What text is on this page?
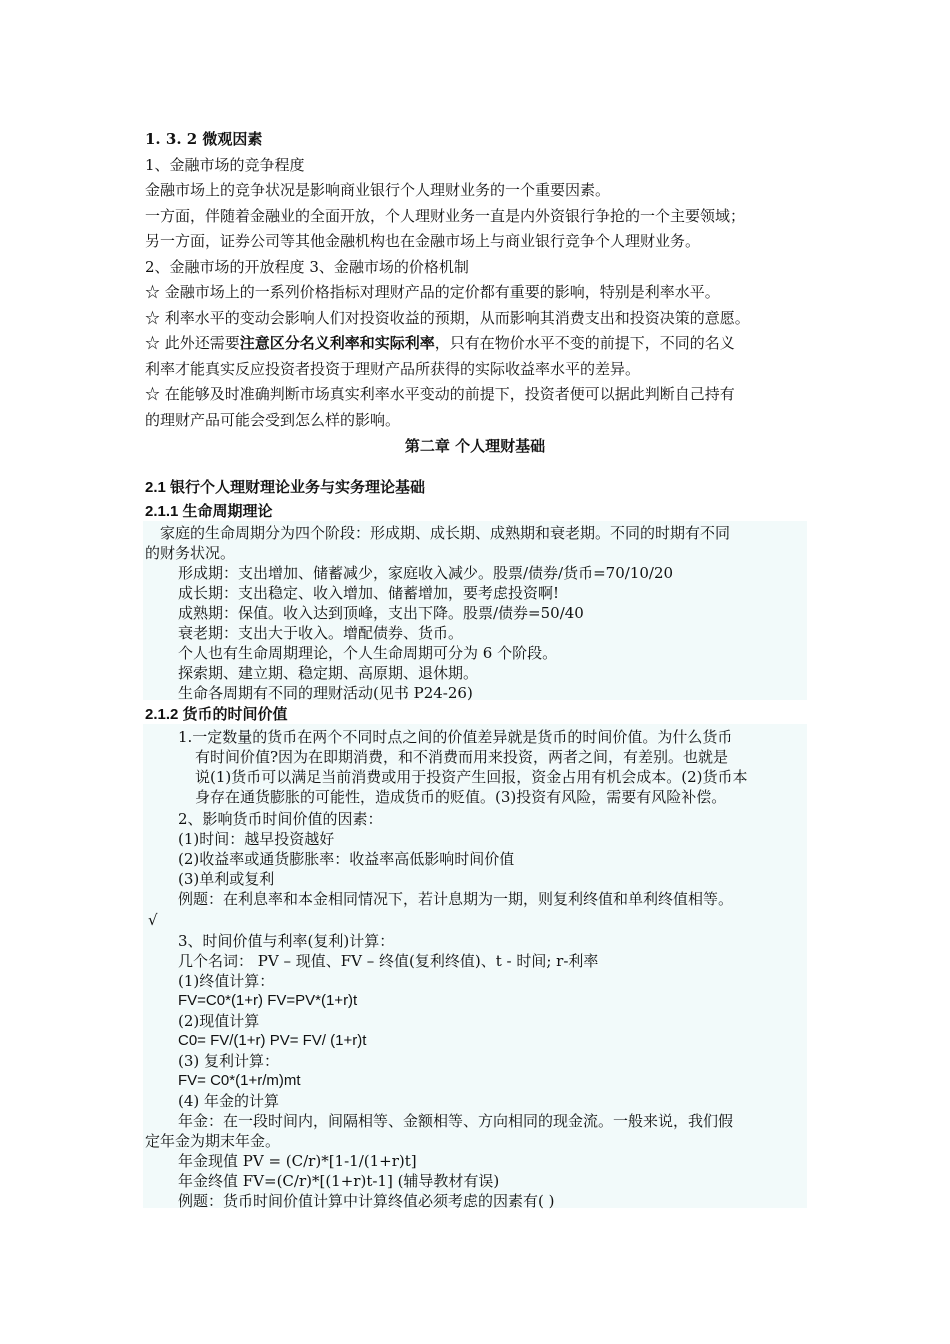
1. 3. 2 微观因素
1、金融市场的竞争程度
金融市场上的竞争状况是影响商业银行个人理财业务的一个重要因素。
一方面，伴随着金融业的全面开放，个人理财业务一直是内外资银行争抢的一个主要领域；
另一方面，证券公司等其他金融机构也在金融市场上与商业银行竞争个人理财业务。
2、金融市场的开放程度 3、金融市场的价格机制
☆ 金融市场上的一系列价格指标对理财产品的定价都有重要的影响，特别是利率水平。
☆ 利率水平的变动会影响人们对投资收益的预期，从而影响其消费支出和投资决策的意愿。
☆ 此外还需要注意区分名义利率和实际利率，只有在物价水平不变的前提下，不同的名义
利率才能真实反应投资者投资于理财产品所获得的实际收益率水平的差异。
☆ 在能够及时准确判断市场真实利率水平变动的前提下，投资者便可以据此判断自己持有
的理财产品可能会受到怎么样的影响。
第二章 个人理财基础
2.1 银行个人理财理论业务与实务理论基础
2.1.1 生命周期理论
家庭的生命周期分为四个阶段：形成期、成长期、成熟期和衰老期。不同的时期有不同
的财务状况。
形成期：支出增加、储蓄减少，家庭收入减少。股票/债券/货币=70/10/20
成长期：支出稳定、收入增加、储蓄增加，要考虑投资啊!
成熟期：保值。收入达到顶峰，支出下降。股票/债券=50/40
衰老期：支出大于收入。增配债券、货币。
个人也有生命周期理论，个人生命周期可分为 6 个阶段。
探索期、建立期、稳定期、高原期、退休期。
生命各周期有不同的理财活动(见书 P24-26)
2.1.2 货币的时间价值
1.一定数量的货币在两个不同时点之间的价值差异就是货币的时间价值。为什么货币
有时间价值?因为在即期消费，和不消费而用来投资，两者之间，有差别。也就是
说(1)货币可以满足当前消费或用于投资产生回报，资金占用有机会成本。(2)货币本
身存在通货膨胀的可能性，造成货币的贬值。(3)投资有风险，需要有风险补偿。
2、影响货币时间价值的因素：
(1)时间：越早投资越好
(2)收益率或通货膨胀率：收益率高低影响时间价值
(3)单利或复利
例题：在利息率和本金相同情况下，若计息期为一期，则复利终值和单利终值相等。
√
3、时间价值与利率(复利)计算：
几个名词： PV – 现值、FV – 终值(复利终值)、t - 时间; r-利率
(1)终值计算：
FV=C0*(1+r) FV=PV*(1+r)t
(2)现值计算
C0= FV/(1+r) PV= FV/ (1+r)t
(3) 复利计算：
FV= C0*(1+r/m)mt
(4) 年金的计算
年金：在一段时间内，间隔相等、金额相等、方向相同的现金流。一般来说，我们假
定年金为期末年金。
年金现值 PV = (C/r)*[1-1/(1+r)t]
年金终值 FV=(C/r)*[(1+r)t-1] (辅导教材有误)
例题：货币时间价值计算中计算终值必须考虑的因素有( )
